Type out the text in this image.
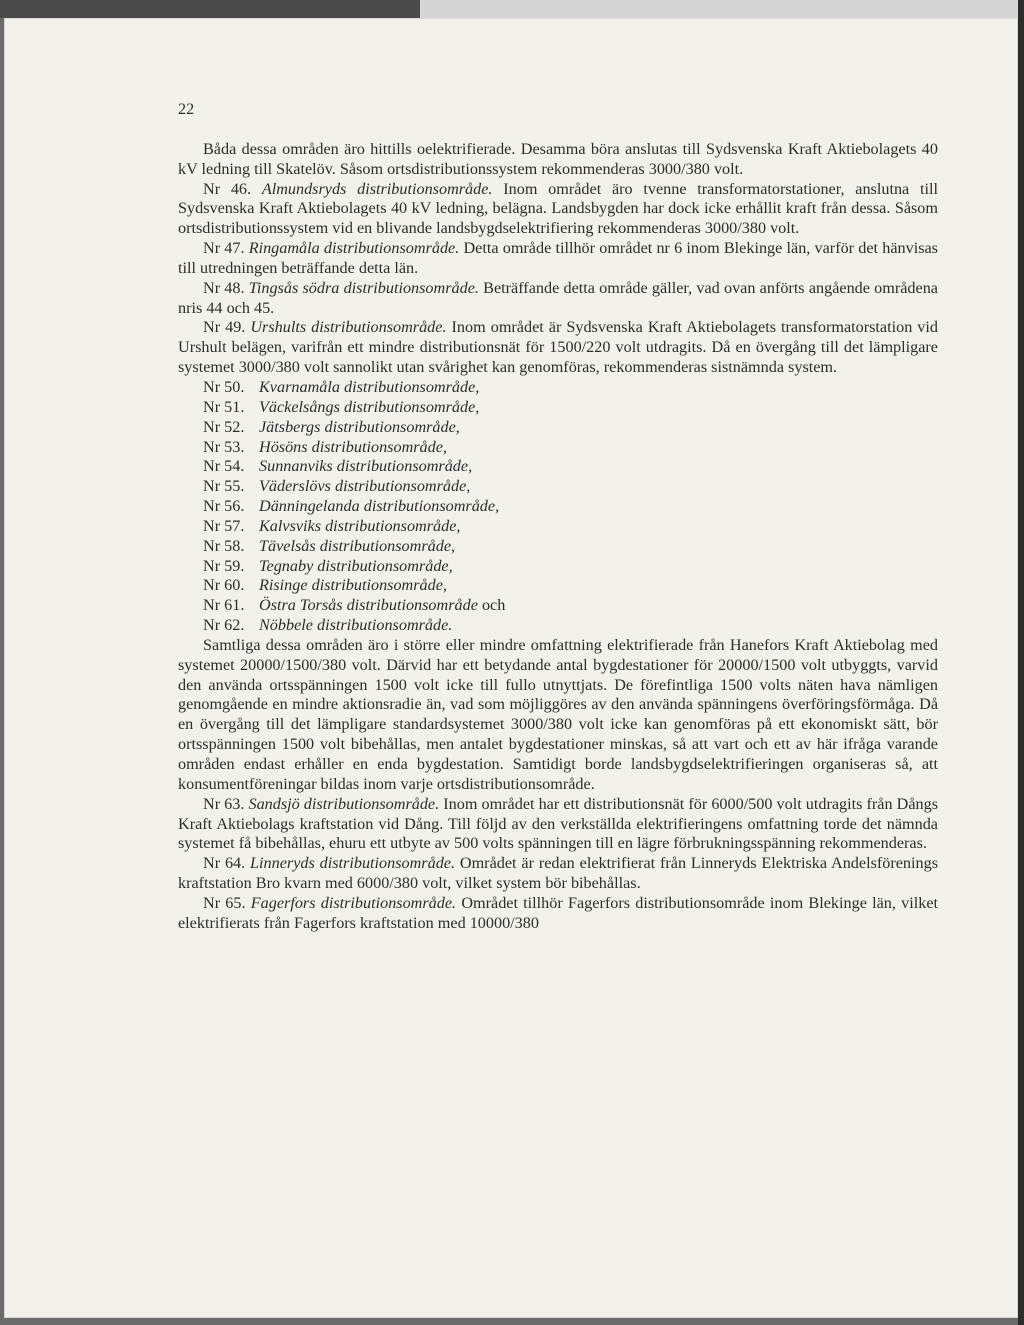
22
Båda dessa områden äro hittills oelektrifierade. Desamma böra anslutas till Sydsvenska Kraft Aktiebolagets 40 kV ledning till Skatelöv. Såsom ortsdistributionssystem rekommenderas 3000/380 volt.
Nr 46. Almundsryds distributionsområde. Inom området äro tvenne transformatorstationer, anslutna till Sydsvenska Kraft Aktiebolagets 40 kV ledning, belägna. Landsbygden har dock icke erhållit kraft från dessa. Såsom ortsdistributionssystem vid en blivande landsbygdselektrifiering rekommenderas 3000/380 volt.
Nr 47. Ringamåla distributionsområde. Detta område tillhör området nr 6 inom Blekinge län, varför det hänvisas till utredningen beträffande detta län.
Nr 48. Tingsås södra distributionsområde. Beträffande detta område gäller, vad ovan anförts angående områdena nris 44 och 45.
Nr 49. Urshults distributionsområde. Inom området är Sydsvenska Kraft Aktiebolagets transformatorstation vid Urshult belägen, varifrån ett mindre distributionsnät för 1500/220 volt utdragits. Då en övergång till det lämpligare systemet 3000/380 volt sannolikt utan svårighet kan genomföras, rekommenderas sistnämnda system.
Nr 50. Kvarnamåla distributionsområde,
Nr 51. Väckelsångs distributionsområde,
Nr 52. Jätsbergs distributionsområde,
Nr 53. Hösöns distributionsområde,
Nr 54. Sunnanviks distributionsområde,
Nr 55. Väderslövs distributionsområde,
Nr 56. Dänningelanda distributionsområde,
Nr 57. Kalvsviks distributionsområde,
Nr 58. Tävelsås distributionsområde,
Nr 59. Tegnaby distributionsområde,
Nr 60. Risinge distributionsområde,
Nr 61. Östra Torsås distributionsområde och
Nr 62. Nöbbele distributionsområde.
Samtliga dessa områden äro i större eller mindre omfattning elektrifierade från Hanefors Kraft Aktiebolag med systemet 20000/1500/380 volt. Därvid har ett betydande antal bygdestationer för 20000/1500 volt utbyggts, varvid den använda ortsspänningen 1500 volt icke till fullo utnyttjats. De förefintliga 1500 volts näten hava nämligen genomgående en mindre aktionsradie än, vad som möjliggöres av den använda spänningens överföringsförmåga. Då en övergång till det lämpligare standardsystemet 3000/380 volt icke kan genomföras på ett ekonomiskt sätt, bör ortsspänningen 1500 volt bibehållas, men antalet bygdestationer minskas, så att vart och ett av här ifråga varande områden endast erhåller en enda bygdestation. Samtidigt borde landsbygdselektrifieringen organiseras så, att konsumentföreningar bildas inom varje ortsdistributionsområde.
Nr 63. Sandsjö distributionsområde. Inom området har ett distributionsnät för 6000/500 volt utdragits från Dångs Kraft Aktiebolags kraftstation vid Dång. Till följd av den verkställda elektrifieringens omfattning torde det nämnda systemet få bibehållas, ehuru ett utbyte av 500 volts spänningen till en lägre förbrukningsspänning rekommenderas.
Nr 64. Linneryds distributionsområde. Området är redan elektrifierat från Linneryds Elektriska Andelsförenings kraftstation Bro kvarn med 6000/380 volt, vilket system bör bibehållas.
Nr 65. Fagerfors distributionsområde. Området tillhör Fagerfors distributionsområde inom Blekinge län, vilket elektrifierats från Fagerfors kraftstation med 10000/380
